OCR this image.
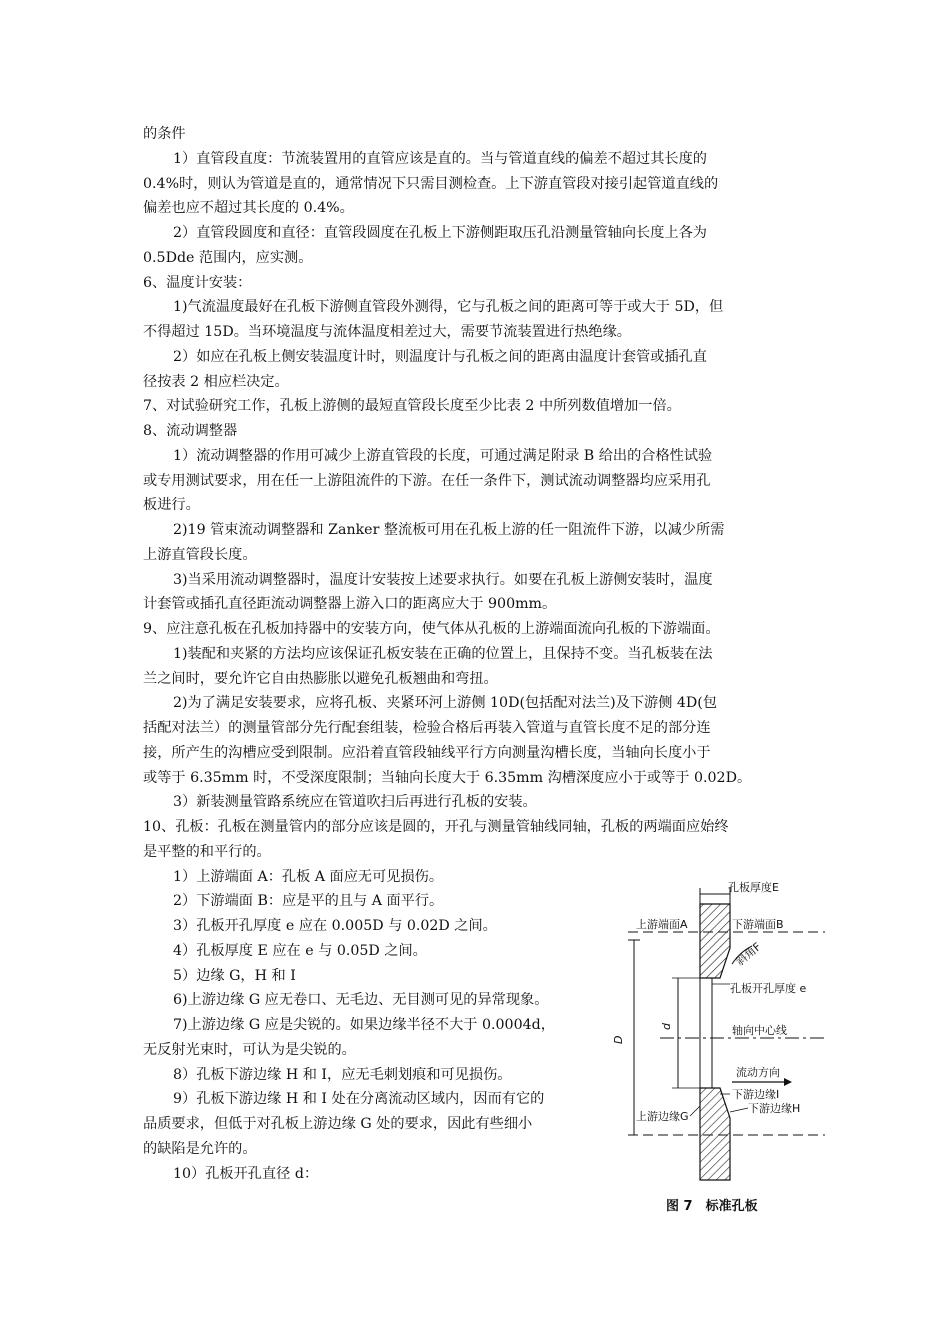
的条件
1）直管段直度：节流装置用的直管应该是直的。当与管道直线的偏差不超过其长度的
0.4%时，则认为管道是直的，通常情况下只需目测检查。上下游直管段对接引起管道直线的
偏差也应不超过其长度的 0.4%。
2）直管段圆度和直径：直管段圆度在孔板上下游侧距取压孔沿测量管轴向长度上各为
0.5Dde 范围内，应实测。
6、温度计安装：
1)气流温度最好在孔板下游侧直管段外测得，它与孔板之间的距离可等于或大于 5D，但
不得超过 15D。当环境温度与流体温度相差过大，需要节流装置进行热绝缘。
2）如应在孔板上侧安装温度计时，则温度计与孔板之间的距离由温度计套管或插孔直
径按表 2 相应栏决定。
7、对试验研究工作，孔板上游侧的最短直管段长度至少比表 2 中所列数值增加一倍。
8、流动调整器
1）流动调整器的作用可减少上游直管段的长度，可通过满足附录 B 给出的合格性试验
或专用测试要求，用在任一上游阻流件的下游。在任一条件下，测试流动调整器均应采用孔
板进行。
2)19 管束流动调整器和 Zanker 整流板可用在孔板上游的任一阻流件下游，以减少所需
上游直管段长度。
3)当采用流动调整器时，温度计安装按上述要求执行。如要在孔板上游侧安装时，温度
计套管或插孔直径距流动调整器上游入口的距离应大于 900mm。
9、应注意孔板在孔板加持器中的安装方向，使气体从孔板的上游端面流向孔板的下游端面。
1)装配和夹紧的方法均应该保证孔板安装在正确的位置上，且保持不变。当孔板装在法
兰之间时，要允许它自由热膨胀以避免孔板翘曲和弯扭。
2)为了满足安装要求，应将孔板、夹紧环河上游侧 10D(包括配对法兰)及下游侧 4D(包
括配对法兰）的测量管部分先行配套组装，检验合格后再装入管道与直管长度不足的部分连
接，所产生的沟槽应受到限制。应沿着直管段轴线平行方向测量沟槽长度，当轴向长度小于
或等于 6.35mm 时，不受深度限制；当轴向长度大于 6.35mm 沟槽深度应小于或等于 0.02D。
3）新装测量管路系统应在管道吹扫后再进行孔板的安装。
10、孔板：孔板在测量管内的部分应该是圆的，开孔与测量管轴线同轴，孔板的两端面应始终
是平整的和平行的。
1）上游端面 A：孔板 A 面应无可见损伤。
2）下游端面 B：应是平的且与 A 面平行。
3）孔板开孔厚度 e 应在 0.005D 与 0.02D 之间。
4）孔板厚度 E 应在 e 与 0.05D 之间。
5）边缘 G，H 和 I
6)上游边缘 G 应无卷口、无毛边、无目测可见的异常现象。
7)上游边缘 G 应是尖锐的。如果边缘半径不大于 0.0004d，
无反射光束时，可认为是尖锐的。
8）孔板下游边缘 H 和 I，应无毛刺划痕和可见损伤。
9）孔板下游边缘 H 和 I 处在分离流动区域内，因而有它的
品质要求，但低于对孔板上游边缘 G 处的要求，因此有些细小
的缺陷是允许的。
10）孔板开孔直径 d：
孔板厚度E
上游端面A	下游端面B
斜角F
孔板开孔厚度 e
轴向中心线
流动方向
下游边缘I
下游边缘H
上游边缘G
D
d
图 7　标准孔板
